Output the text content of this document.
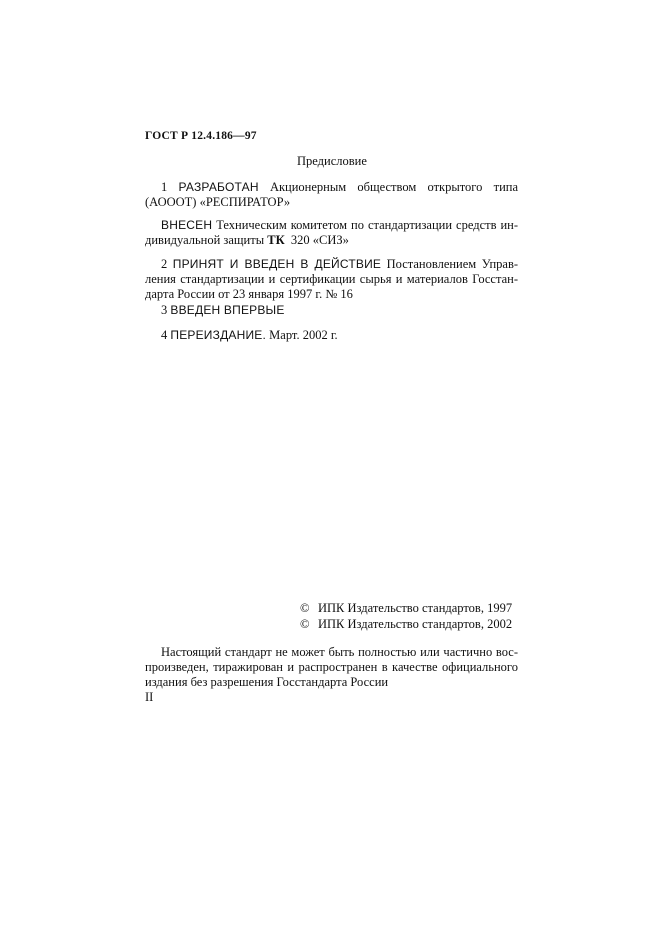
ГОСТ Р 12.4.186—97
Предисловие
1 РАЗРАБОТАН Акционерным обществом открытого типа
(АОООТ) «РЕСПИРАТОР»
ВНЕСЕН Техническим комитетом по стандартизации средств ин-
дивидуальной защиты ТК 320 «СИЗ»
2 ПРИНЯТ И ВВЕДЕН В ДЕЙСТВИЕ Постановлением Управ-
ления стандартизации и сертификации сырья и материалов Госстан-
дарта России от 23 января 1997 г. № 16
3 ВВЕДЕН ВПЕРВЫЕ
4 ПЕРЕИЗДАНИЕ. Март. 2002 г.
© ИПК Издательство стандартов, 1997
© ИПК Издательство стандартов, 2002
Настоящий стандарт не может быть полностью или частично вос-
произведен, тиражирован и распространен в качестве официального
издания без разрешения Госстандарта России
II
